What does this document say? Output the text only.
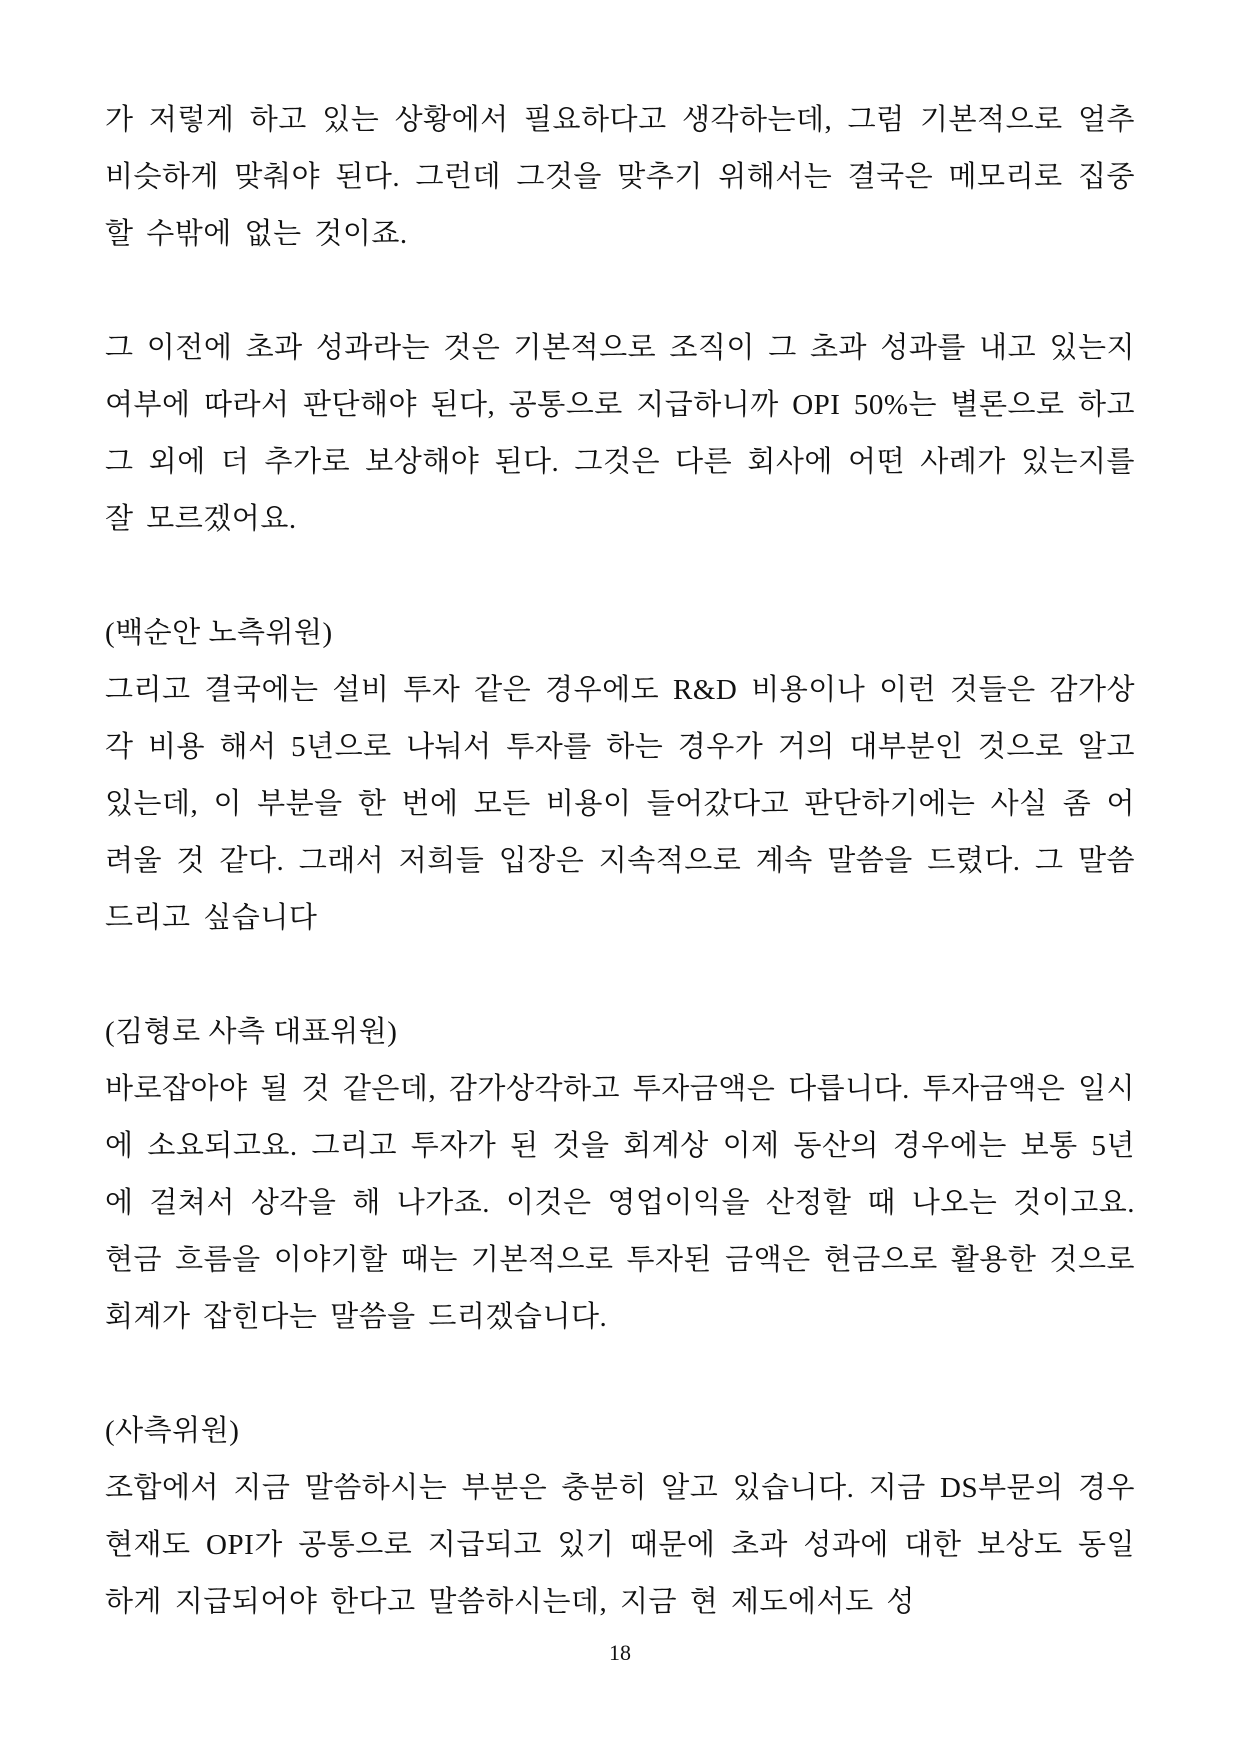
가 저렇게 하고 있는 상황에서 필요하다고 생각하는데, 그럼 기본적으로 얼추 비슷하게 맞춰야 된다. 그런데 그것을 맞추기 위해서는 결국은 메모리로 집중할 수밖에 없는 것이죠.

그 이전에 초과 성과라는 것은 기본적으로 조직이 그 초과 성과를 내고 있는지 여부에 따라서 판단해야 된다, 공통으로 지급하니까 OPI 50%는 별론으로 하고 그 외에 더 추가로 보상해야 된다. 그것은 다른 회사에 어떤 사례가 있는지를 잘 모르겠어요.

(백순안 노측위원)

그리고 결국에는 설비 투자 같은 경우에도 R&D 비용이나 이런 것들은 감가상각 비용 해서 5년으로 나눠서 투자를 하는 경우가 거의 대부분인 것으로 알고 있는데, 이 부분을 한 번에 모든 비용이 들어갔다고 판단하기에는 사실 좀 어려울 것 같다. 그래서 저희들 입장은 지속적으로 계속 말씀을 드렸다. 그 말씀 드리고 싶습니다

(김형로 사측 대표위원)

바로잡아야 될 것 같은데, 감가상각하고 투자금액은 다릅니다. 투자금액은 일시에 소요되고요. 그리고 투자가 된 것을 회계상 이제 동산의 경우에는 보통 5년에 걸쳐서 상각을 해 나가죠. 이것은 영업이익을 산정할 때 나오는 것이고요. 현금 흐름을 이야기할 때는 기본적으로 투자된 금액은 현금으로 활용한 것으로 회계가 잡힌다는 말씀을 드리겠습니다.

(사측위원)

조합에서 지금 말씀하시는 부분은 충분히 알고 있습니다. 지금 DS부문의 경우 현재도 OPI가 공통으로 지급되고 있기 때문에 초과 성과에 대한 보상도 동일하게 지급되어야 한다고 말씀하시는데, 지금 현 제도에서도 성

18
